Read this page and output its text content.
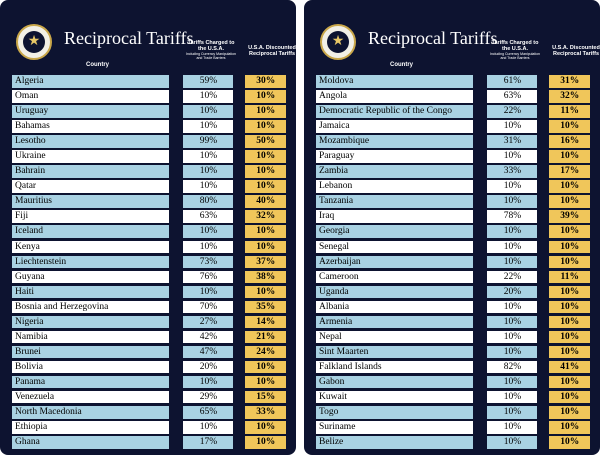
★ Reciprocal Tariffs
Country
Tariffs Charged to the U.S.A.
Including Currency Manipulation and Trade Barriers
U.S.A. Discounted Reciprocal Tariffs
Algeria	59%	30%
Oman	10%	10%
Uruguay	10%	10%
Bahamas	10%	10%
Lesotho	99%	50%
Ukraine	10%	10%
Bahrain	10%	10%
Qatar	10%	10%
Mauritius	80%	40%
Fiji	63%	32%
Iceland	10%	10%
Kenya	10%	10%
Liechtenstein	73%	37%
Guyana	76%	38%
Haiti	10%	10%
Bosnia and Herzegovina	70%	35%
Nigeria	27%	14%
Namibia	42%	21%
Brunei	47%	24%
Bolivia	20%	10%
Panama	10%	10%
Venezuela	29%	15%
North Macedonia	65%	33%
Ethiopia	10%	10%
Ghana	17%	10%
★ Reciprocal Tariffs
Country
Tariffs Charged to the U.S.A.
Including Currency Manipulation and Trade Barriers
U.S.A. Discounted Reciprocal Tariffs
Moldova	61%	31%
Angola	63%	32%
Democratic Republic of the Congo	22%	11%
Jamaica	10%	10%
Mozambique	31%	16%
Paraguay	10%	10%
Zambia	33%	17%
Lebanon	10%	10%
Tanzania	10%	10%
Iraq	78%	39%
Georgia	10%	10%
Senegal	10%	10%
Azerbaijan	10%	10%
Cameroon	22%	11%
Uganda	20%	10%
Albania	10%	10%
Armenia	10%	10%
Nepal	10%	10%
Sint Maarten	10%	10%
Falkland Islands	82%	41%
Gabon	10%	10%
Kuwait	10%	10%
Togo	10%	10%
Suriname	10%	10%
Belize	10%	10%
